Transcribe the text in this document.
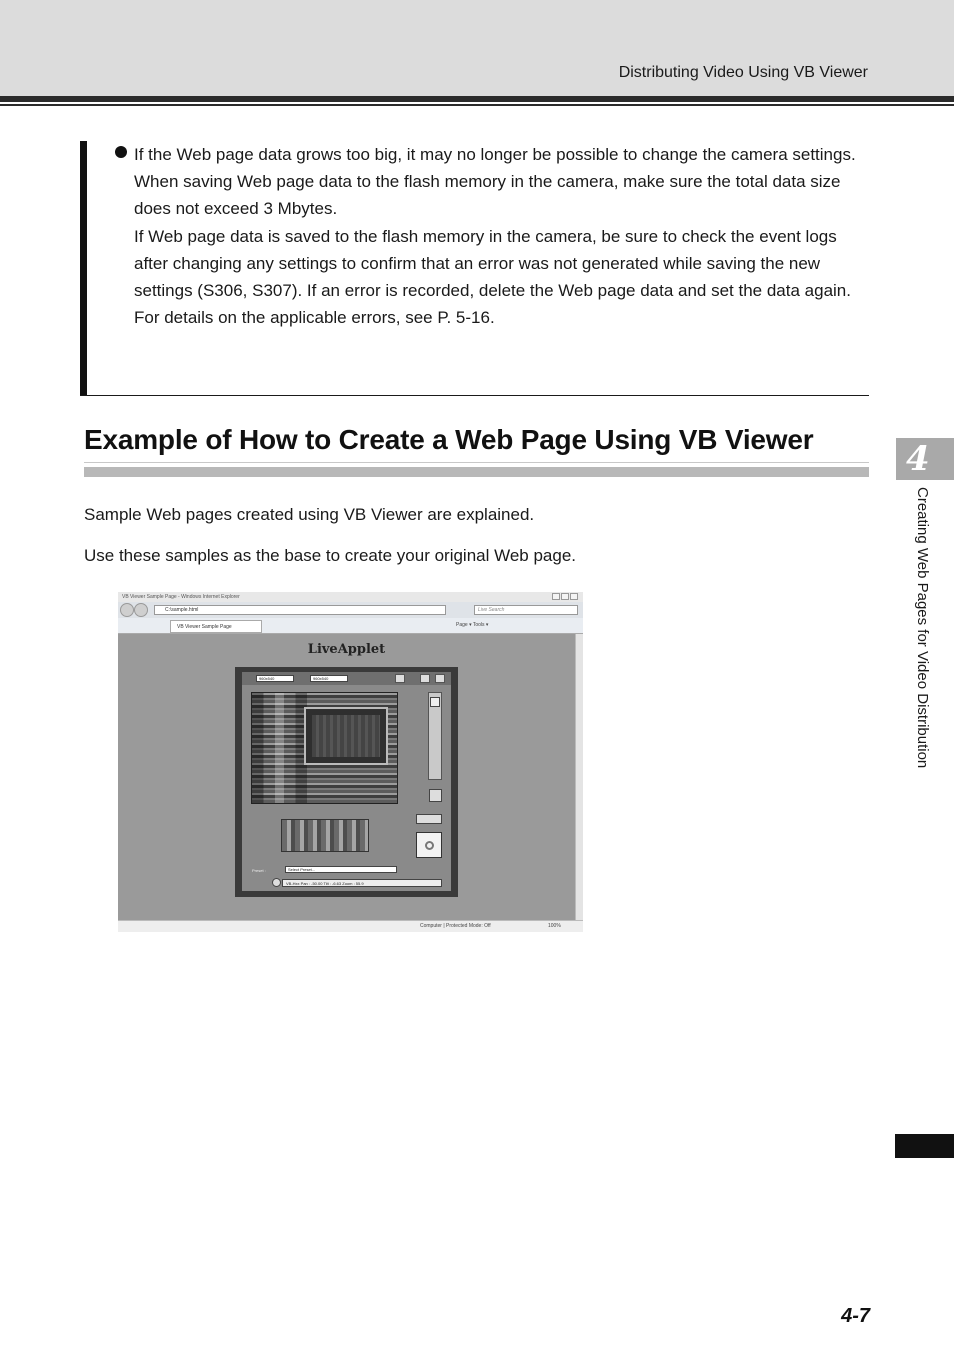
Distributing Video Using VB Viewer

If the Web page data grows too big, it may no longer be possible to change the camera settings.

When saving Web page data to the flash memory in the camera, make sure the total data size does not exceed 3 Mbytes.

If Web page data is saved to the flash memory in the camera, be sure to check the event logs after changing any settings to confirm that an error was not generated while saving the new settings (S306, S307). If an error is recorded, delete the Web page data and set the data again.

For details on the applicable errors, see P. 5-16.

Example of How to Create a Web Page Using VB Viewer
Sample Web pages created using VB Viewer are explained.
Use these samples as the base to create your original Web page.
4
Creating Web Pages for Video Distribution
VB Viewer Sample Page - Windows Internet Explorer
C:\sample.html	Live Search
VB Viewer Sample Page	Page ▾ Tools ▾
LiveApplet
960x540	960x540
Preset :	Select Preset...
VB-Hxx Pan : -50.00 Tilt : -6.63 Zoom : 55.9
Computer | Protected Mode: Off	100%
4-7
